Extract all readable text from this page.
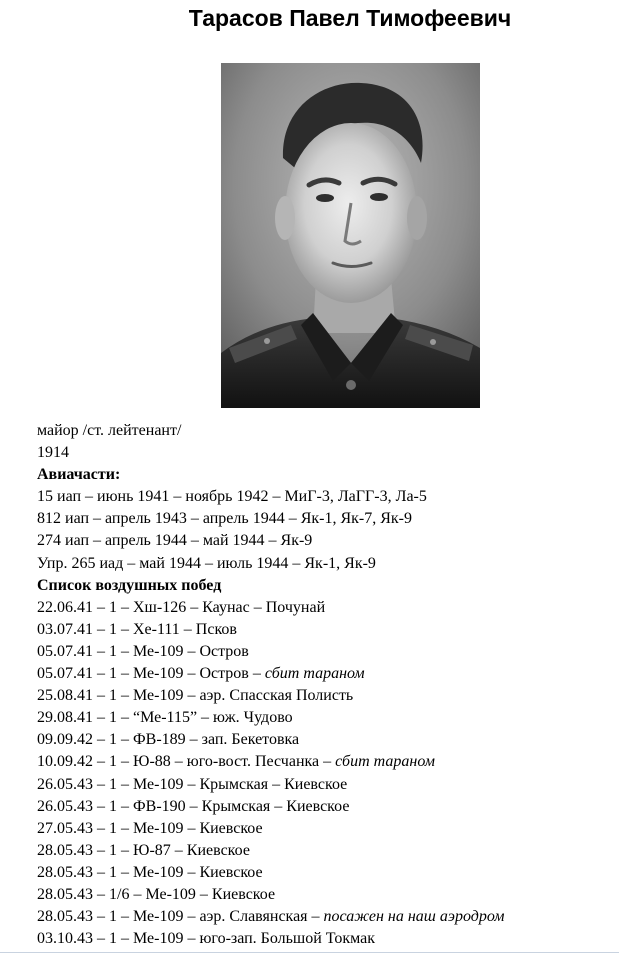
Тарасов Павел Тимофеевич
майор /ст. лейтенант/
1914
Авиачасти:
15 иап – июнь 1941 – ноябрь 1942 – МиГ-3, ЛаГГ-3, Ла-5
812 иап – апрель 1943 – апрель 1944 – Як-1, Як-7, Як-9
274 иап – апрель 1944 – май 1944 – Як-9
Упр. 265 иад – май 1944 – июль 1944 – Як-1, Як-9
Список воздушных побед
22.06.41 – 1 – Хш-126 – Каунас – Почунай
03.07.41 – 1 – Хе-111 – Псков
05.07.41 – 1 – Ме-109 – Остров
05.07.41 – 1 – Ме-109 – Остров – сбит тараном
25.08.41 – 1 – Ме-109 – аэр. Спасская Полисть
29.08.41 – 1 – “Ме-115” – юж. Чудово
09.09.42 – 1 – ФВ-189 – зап. Бекетовка
10.09.42 – 1 – Ю-88 – юго-вост. Песчанка – сбит тараном
26.05.43 – 1 – Ме-109 – Крымская – Киевское
26.05.43 – 1 – ФВ-190 – Крымская – Киевское
27.05.43 – 1 – Ме-109 – Киевское
28.05.43 – 1 – Ю-87 – Киевское
28.05.43 – 1 – Ме-109 – Киевское
28.05.43 – 1/6 – Ме-109 – Киевское
28.05.43 – 1 – Ме-109 – аэр. Славянская – посажен на наш аэродром
03.10.43 – 1 – Ме-109 – юго-зап. Большой Токмак
